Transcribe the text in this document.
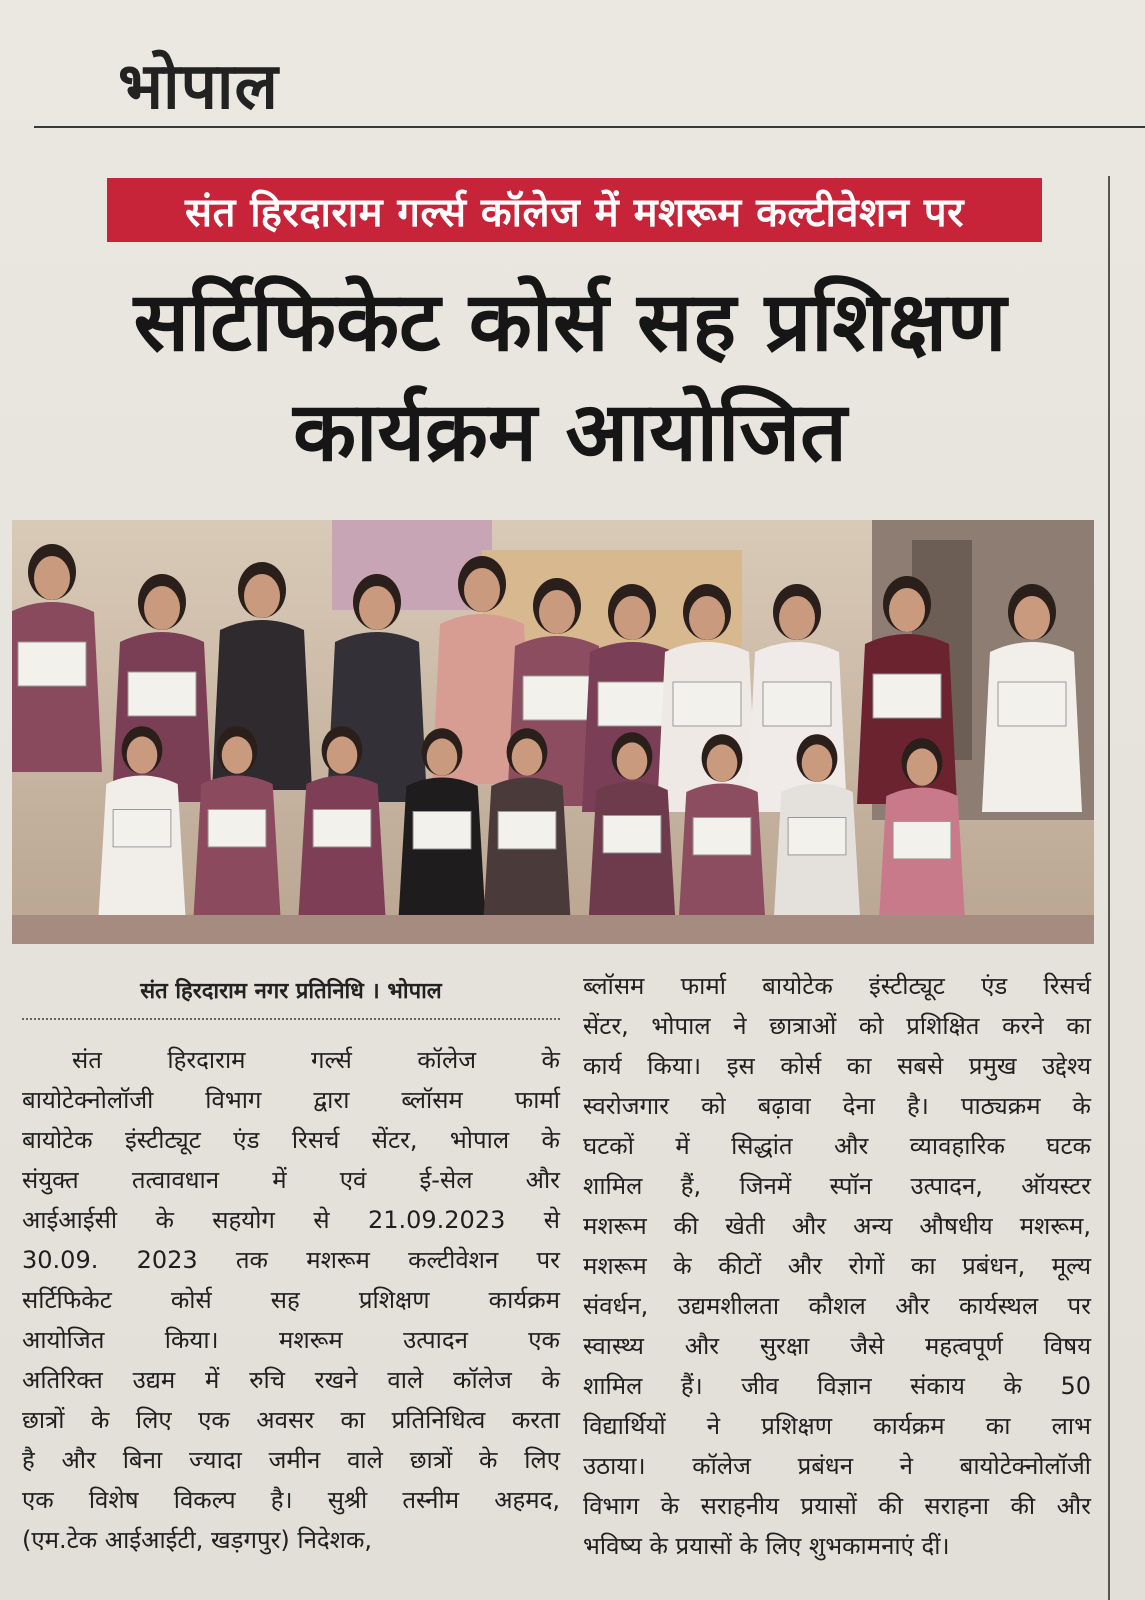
भोपाल
संत हिरदाराम गर्ल्स कॉलेज में मशरूम कल्टीवेशन पर
सर्टिफिकेट कोर्स सह प्रशिक्षण
कार्यक्रम आयोजित
संत हिरदाराम नगर प्रतिनिधि । भोपाल

संत हिरदाराम गर्ल्स कॉलेज के

बायोटेक्नोलॉजी विभाग द्वारा ब्लॉसम फार्मा

बायोटेक इंस्टीट्यूट एंड रिसर्च सेंटर, भोपाल के

संयुक्त तत्वावधान में एवं ई-सेल और

आईआईसी के सहयोग से 21.09.2023 से

30.09. 2023 तक मशरूम कल्टीवेशन पर

सर्टिफिकेट कोर्स सह प्रशिक्षण कार्यक्रम

आयोजित किया। मशरूम उत्पादन एक

अतिरिक्त उद्यम में रुचि रखने वाले कॉलेज के

छात्रों के लिए एक अवसर का प्रतिनिधित्व करता

है और बिना ज्यादा जमीन वाले छात्रों के लिए

एक विशेष विकल्प है। सुश्री तस्नीम अहमद,

(एम.टेक आईआईटी, खड़गपुर) निदेशक,

ब्लॉसम फार्मा बायोटेक इंस्टीट्यूट एंड रिसर्च

सेंटर, भोपाल ने छात्राओं को प्रशिक्षित करने का

कार्य किया। इस कोर्स का सबसे प्रमुख उद्देश्य

स्वरोजगार को बढ़ावा देना है। पाठ्यक्रम के

घटकों में सिद्धांत और व्यावहारिक घटक

शामिल हैं, जिनमें स्पॉन उत्पादन, ऑयस्टर

मशरूम की खेती और अन्य औषधीय मशरूम,

मशरूम के कीटों और रोगों का प्रबंधन, मूल्य

संवर्धन, उद्यमशीलता कौशल और कार्यस्थल पर

स्वास्थ्य और सुरक्षा जैसे महत्वपूर्ण विषय

शामिल हैं। जीव विज्ञान संकाय के 50

विद्यार्थियों ने प्रशिक्षण कार्यक्रम का लाभ

उठाया। कॉलेज प्रबंधन ने बायोटेक्नोलॉजी

विभाग के सराहनीय प्रयासों की सराहना की और

भविष्य के प्रयासों के लिए शुभकामनाएं दीं।
